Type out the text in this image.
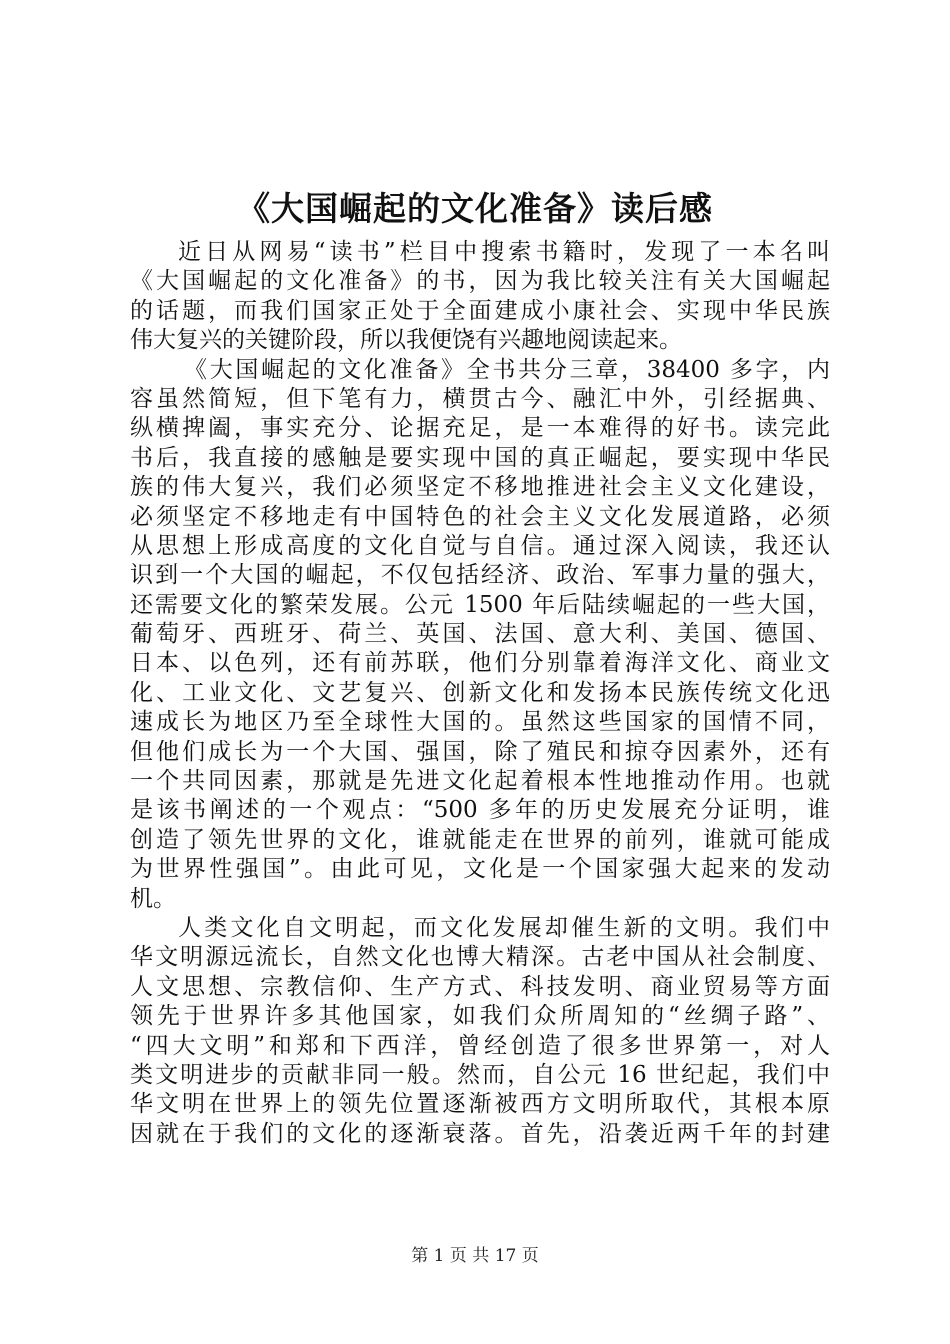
《大国崛起的文化准备》读后感
近日从网易“读书”栏目中搜索书籍时，发现了一本名叫
《大国崛起的文化准备》的书，因为我比较关注有关大国崛起
的话题，而我们国家正处于全面建成小康社会、实现中华民族
伟大复兴的关键阶段，所以我便饶有兴趣地阅读起来。
《大国崛起的文化准备》全书共分三章，38400 多字，内
容虽然简短，但下笔有力，横贯古今、融汇中外，引经据典、
纵横捭阖，事实充分、论据充足，是一本难得的好书。读完此
书后，我直接的感触是要实现中国的真正崛起，要实现中华民
族的伟大复兴，我们必须坚定不移地推进社会主义文化建设，
必须坚定不移地走有中国特色的社会主义文化发展道路，必须
从思想上形成高度的文化自觉与自信。通过深入阅读，我还认
识到一个大国的崛起，不仅包括经济、政治、军事力量的强大，
还需要文化的繁荣发展。公元 1500 年后陆续崛起的一些大国，
葡萄牙、西班牙、荷兰、英国、法国、意大利、美国、德国、
日本、以色列，还有前苏联，他们分别靠着海洋文化、商业文
化、工业文化、文艺复兴、创新文化和发扬本民族传统文化迅
速成长为地区乃至全球性大国的。虽然这些国家的国情不同，
但他们成长为一个大国、强国，除了殖民和掠夺因素外，还有
一个共同因素，那就是先进文化起着根本性地推动作用。也就
是该书阐述的一个观点：“500 多年的历史发展充分证明，谁
创造了领先世界的文化，谁就能走在世界的前列，谁就可能成
为世界性强国”。由此可见，文化是一个国家强大起来的发动
机。
人类文化自文明起，而文化发展却催生新的文明。我们中
华文明源远流长，自然文化也博大精深。古老中国从社会制度、
人文思想、宗教信仰、生产方式、科技发明、商业贸易等方面
领先于世界许多其他国家，如我们众所周知的“丝绸子路”、
“四大文明”和郑和下西洋，曾经创造了很多世界第一，对人
类文明进步的贡献非同一般。然而，自公元 16 世纪起，我们中
华文明在世界上的领先位置逐渐被西方文明所取代，其根本原
因就在于我们的文化的逐渐衰落。首先，沿袭近两千年的封建
第 1 页 共 17 页
